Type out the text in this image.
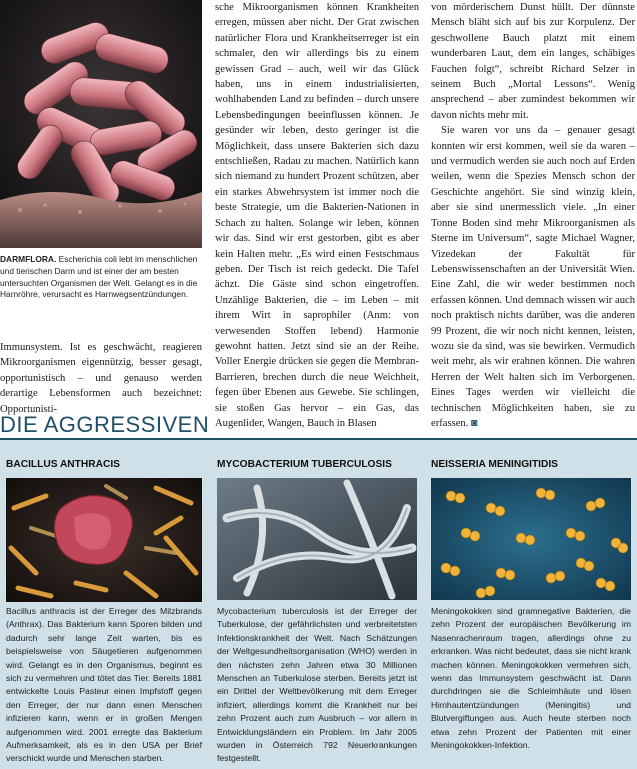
DARMFLORA. Escherichia coli lebt im menschlichen und tierischen Darm und ist einer der am besten untersuchten Organismen der Welt. Gelangt es in die Harnröhre, verursacht es Harnwegsentzündungen.

Immunsystem. Ist es geschwächt, reagieren Mikroorganismen eigennützig, besser gesagt, opportunistisch – und genauso werden derartige Lebensformen auch bezeichnet: Opportunisti-

sche Mikroorganismen können Krankheiten erregen, müssen aber nicht. Der Grat zwischen natürlicher Flora und Krankheitserreger ist ein schmaler, den wir allerdings bis zu einem gewissen Grad – auch, weil wir das Glück haben, uns in einem industrialisierten, wohlhabenden Land zu befinden – durch unsere Lebensbedingungen beeinflussen können. Je gesünder wir leben, desto geringer ist die Möglichkeit, dass unsere Bakterien sich dazu entschließen, Radau zu machen. Natürlich kann sich niemand zu hundert Prozent schützen, aber ein starkes Abwehrsystem ist immer noch die beste Strategie, um die Bakterien-Nationen in Schach zu halten. Solange wir leben, können wir das. Sind wir erst gestorben, gibt es aber kein Halten mehr. „Es wird einen Festschmaus geben. Der Tisch ist reich gedeckt. Die Tafel ächzt. Die Gäste sind schon eingetroffen. Unzählige Bakterien, die – im Leben – mit ihrem Wirt in saprophiler (Anm: von verwesenden Stoffen lebend) Harmonie gewohnt hatten. Jetzt sind sie an der Reihe. Voller Energie drücken sie gegen die Membran-Barrieren, brechen durch die neue Weichheit, fegen über Ebenen aus Gewebe. Sie schlingen, sie stoßen Gas hervor – ein Gas, das Augenlider, Wangen, Bauch in Blasen

von mörderischem Dunst hüllt. Der dünnste Mensch bläht sich auf bis zur Korpulenz. Der geschwollene Bauch platzt mit einem wunderbaren Laut, dem ein langes, schäbiges Fauchen folgt“, schreibt Richard Selzer in seinem Buch „Mortal Lessons“. Wenig ansprechend – aber zumindest bekommen wir davon nichts mehr mit.

Sie waren vor uns da – genauer gesagt konnten wir erst kommen, weil sie da waren – und vermudich werden sie auch noch auf Erden weilen, wenn die Spezies Mensch schon der Geschichte angehört. Sie sind winzig klein, aber sie sind unermesslich viele. „In einer Tonne Boden sind mehr Mikroorganismen als Sterne im Universum“, sagte Michael Wagner, Vizedekan der Fakultät für Lebenswissenschaften an der Universität Wien. Eine Zahl, die wir weder bestimmen noch erfassen können. Und demnach wissen wir auch noch praktisch nichts darüber, was die anderen 99 Prozent, die wir noch nicht kennen, leisten, wozu sie da sind, was sie bewirken. Vermudich weit mehr, als wir erahnen können. Die wahren Herren der Welt halten sich im Verborgenen. Eines Tages werden wir vielleicht die technischen Möglichkeiten haben, sie zu erfassen. ◙

DIE AGGRESSIVEN
BACILLUS ANTHRACIS
Bacillus anthracis ist der Erreger des Milzbrands (Anthrax). Das Bakterium kann Sporen bilden und dadurch sehr lange Zeit warten, bis es beispielsweise von Säugetieren aufgenommen wird. Gelangt es in den Organismus, beginnt es sich zu vermehren und tötet das Tier. Bereits 1881 entwickelte Louis Pasteur einen Impfstoff gegen den Erreger, der nur dann einen Menschen infizieren kann, wenn er in großen Mengen aufgenommen wird. 2001 erregte das Bakterium Aufmerksamkeit, als es in den USA per Brief verschickt wurde und Menschen starben.
MYCOBACTERIUM TUBERCULOSIS
Mycobacterium tuberculosis ist der Erreger der Tuberkulose, der gefährlichsten und verbreitetsten Infektionskrankheit der Welt. Nach Schätzungen der Weltgesundheitsorganisation (WHO) werden in den nächsten zehn Jahren etwa 30 Millionen Menschen an Tuberkulose sterben. Bereits jetzt ist ein Drittel der Weltbevölkerung mit dem Erreger infiziert, allerdings kommt die Krankheit nur bei zehn Prozent auch zum Ausbruch – vor allem in Entwicklungsländern ein Problem. Im Jahr 2005 wurden in Österreich 792 Neuerkrankungen festgestellt.
NEISSERIA MENINGITIDIS
Meningokokken sind gramnegative Bakterien, die zehn Prozent der europäischen Bevölkerung im Nasenrachenraum tragen, allerdings ohne zu erkranken. Was nicht bedeutet, dass sie nicht krank machen können. Meningokokken vermehren sich, wenn das Immunsystem geschwächt ist. Dann durchdringen sie die Schleimhäute und lösen Hirnhautentzündungen (Meningitis) und Blutvergiftungen aus. Auch heute sterben noch etwa zehn Prozent der Patienten mit einer Meningokokken-Infektion.
